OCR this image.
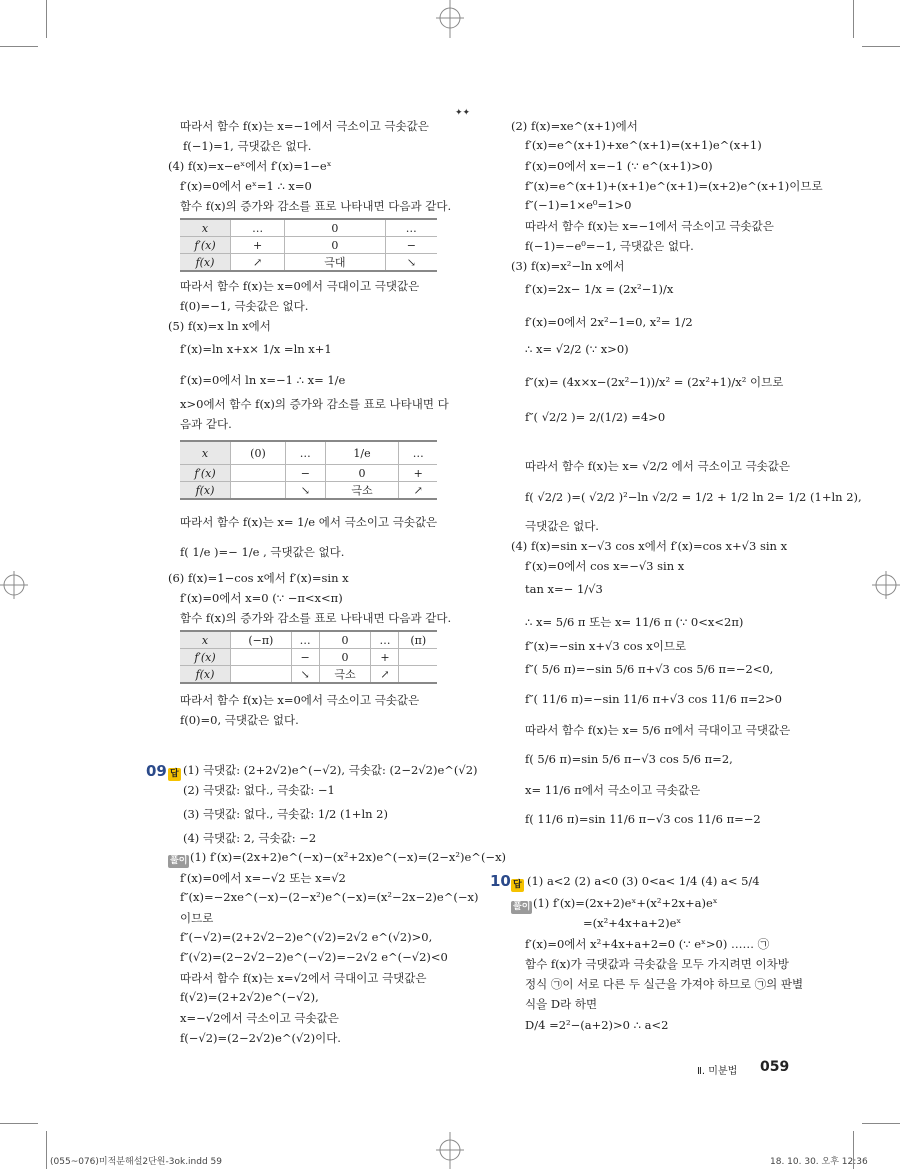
✦✦
따라서 함수 f(x)는 x=−1에서 극소이고 극솟값은
f(−1)=1, 극댓값은 없다.
(4) f(x)=x−eˣ에서 f′(x)=1−eˣ
f′(x)=0에서 eˣ=1 ∴ x=0
함수 f(x)의 증가와 감소를 표로 나타내면 다음과 같다.
x	…	0	…
f′(x)	+	0	−
f(x)	↗	극대	↘
따라서 함수 f(x)는 x=0에서 극대이고 극댓값은
f(0)=−1, 극솟값은 없다.
(5) f(x)=x ln x에서
f′(x)=ln x+x× 1/x =ln x+1
f′(x)=0에서 ln x=−1 ∴ x= 1/e
x>0에서 함수 f(x)의 증가와 감소를 표로 나타내면 다
음과 같다.
x	(0)	…	1/e	…
f′(x)		−	0	+
f(x)		↘	극소	↗
따라서 함수 f(x)는 x= 1/e 에서 극소이고 극솟값은
f( 1/e )=− 1/e , 극댓값은 없다.
(6) f(x)=1−cos x에서 f′(x)=sin x
f′(x)=0에서 x=0 (∵ −π<x<π)
함수 f(x)의 증가와 감소를 표로 나타내면 다음과 같다.
x	(−π)	…	0	…	(π)
f′(x)		−	0	+	
f(x)		↘	극소	↗	
따라서 함수 f(x)는 x=0에서 극소이고 극솟값은
f(0)=0, 극댓값은 없다.
09 답 (1) 극댓값: (2+2√2)e^(−√2), 극솟값: (2−2√2)e^(√2)
(2) 극댓값: 없다., 극솟값: −1
(3) 극댓값: 없다., 극솟값: 1/2 (1+ln 2)
(4) 극댓값: 2, 극솟값: −2
풀이 (1) f′(x)=(2x+2)e^(−x)−(x²+2x)e^(−x)=(2−x²)e^(−x)
f′(x)=0에서 x=−√2 또는 x=√2
f″(x)=−2xe^(−x)−(2−x²)e^(−x)=(x²−2x−2)e^(−x)
이므로
f″(−√2)=(2+2√2−2)e^(√2)=2√2 e^(√2)>0,
f″(√2)=(2−2√2−2)e^(−√2)=−2√2 e^(−√2)<0
따라서 함수 f(x)는 x=√2에서 극대이고 극댓값은
f(√2)=(2+2√2)e^(−√2),
x=−√2에서 극소이고 극솟값은
f(−√2)=(2−2√2)e^(√2)이다.
(2) f(x)=xe^(x+1)에서
f′(x)=e^(x+1)+xe^(x+1)=(x+1)e^(x+1)
f′(x)=0에서 x=−1 (∵ e^(x+1)>0)
f″(x)=e^(x+1)+(x+1)e^(x+1)=(x+2)e^(x+1)이므로
f″(−1)=1×e⁰=1>0
따라서 함수 f(x)는 x=−1에서 극소이고 극솟값은
f(−1)=−e⁰=−1, 극댓값은 없다.
(3) f(x)=x²−ln x에서
f′(x)=2x− 1/x = (2x²−1)/x
f′(x)=0에서 2x²−1=0, x²= 1/2
∴ x= √2/2 (∵ x>0)
f″(x)= (4x×x−(2x²−1))/x² = (2x²+1)/x² 이므로
f″( √2/2 )= 2/(1/2) =4>0
따라서 함수 f(x)는 x= √2/2 에서 극소이고 극솟값은
f( √2/2 )=( √2/2 )²−ln √2/2 = 1/2 + 1/2 ln 2= 1/2 (1+ln 2),
극댓값은 없다.
(4) f(x)=sin x−√3 cos x에서 f′(x)=cos x+√3 sin x
f′(x)=0에서 cos x=−√3 sin x
tan x=− 1/√3
∴ x= 5/6 π 또는 x= 11/6 π (∵ 0<x<2π)
f″(x)=−sin x+√3 cos x이므로
f″( 5/6 π)=−sin 5/6 π+√3 cos 5/6 π=−2<0,
f″( 11/6 π)=−sin 11/6 π+√3 cos 11/6 π=2>0
따라서 함수 f(x)는 x= 5/6 π에서 극대이고 극댓값은
f( 5/6 π)=sin 5/6 π−√3 cos 5/6 π=2,
x= 11/6 π에서 극소이고 극솟값은
f( 11/6 π)=sin 11/6 π−√3 cos 11/6 π=−2
10 답 (1) a<2 (2) a<0 (3) 0<a< 1/4 (4) a< 5/4
풀이 (1) f′(x)=(2x+2)eˣ+(x²+2x+a)eˣ
=(x²+4x+a+2)eˣ
f′(x)=0에서 x²+4x+a+2=0 (∵ eˣ>0) …… ㉠
함수 f(x)가 극댓값과 극솟값을 모두 가지려면 이차방
정식 ㉠이 서로 다른 두 실근을 가져야 하므로 ㉠의 판별
식을 D라 하면
D/4 =2²−(a+2)>0 ∴ a<2
Ⅱ. 미분법 059
(055~076)미적분해설2단원-3ok.indd 59	18. 10. 30. 오후 12:36
